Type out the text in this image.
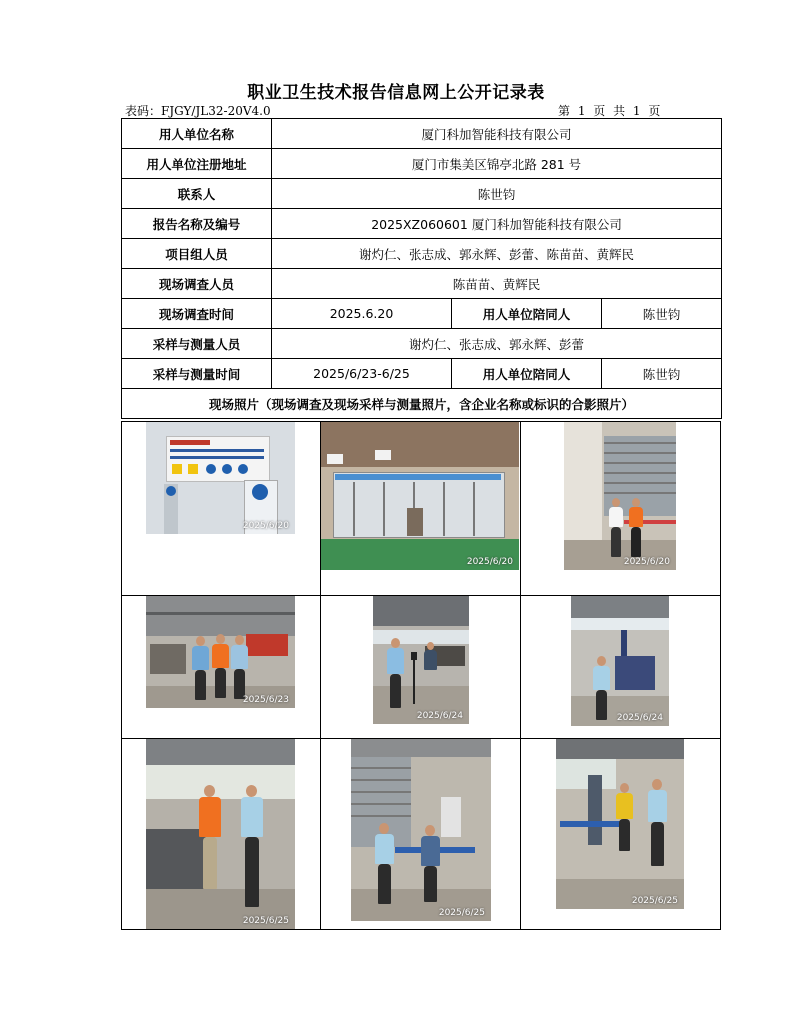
职业卫生技术报告信息网上公开记录表
表码：FJGY/JL32-20V4.0	第 1 页 共 1 页
用人单位名称	厦门科加智能科技有限公司		
用人单位注册地址	厦门市集美区锦亭北路 281 号		
联系人	陈世钧		
报告名称及编号	2025XZ060601 厦门科加智能科技有限公司		
项目组人员	谢灼仁、张志成、郭永辉、彭蕾、陈苗苗、黄辉民		
现场调查人员	陈苗苗、黄辉民		
现场调查时间	2025.6.20	用人单位陪同人	陈世钧
采样与测量人员	谢灼仁、张志成、郭永辉、彭蕾		
采样与测量时间	2025/6/23-6/25	用人单位陪同人	陈世钧
现场照片（现场调查及现场采样与测量照片，含企业名称或标识的合影照片）			
2025/6/20
2025/6/20	2025/6/20
2025/6/23
2025/6/24	2025/6/24
2025/6/25
2025/6/25
2025/6/25
